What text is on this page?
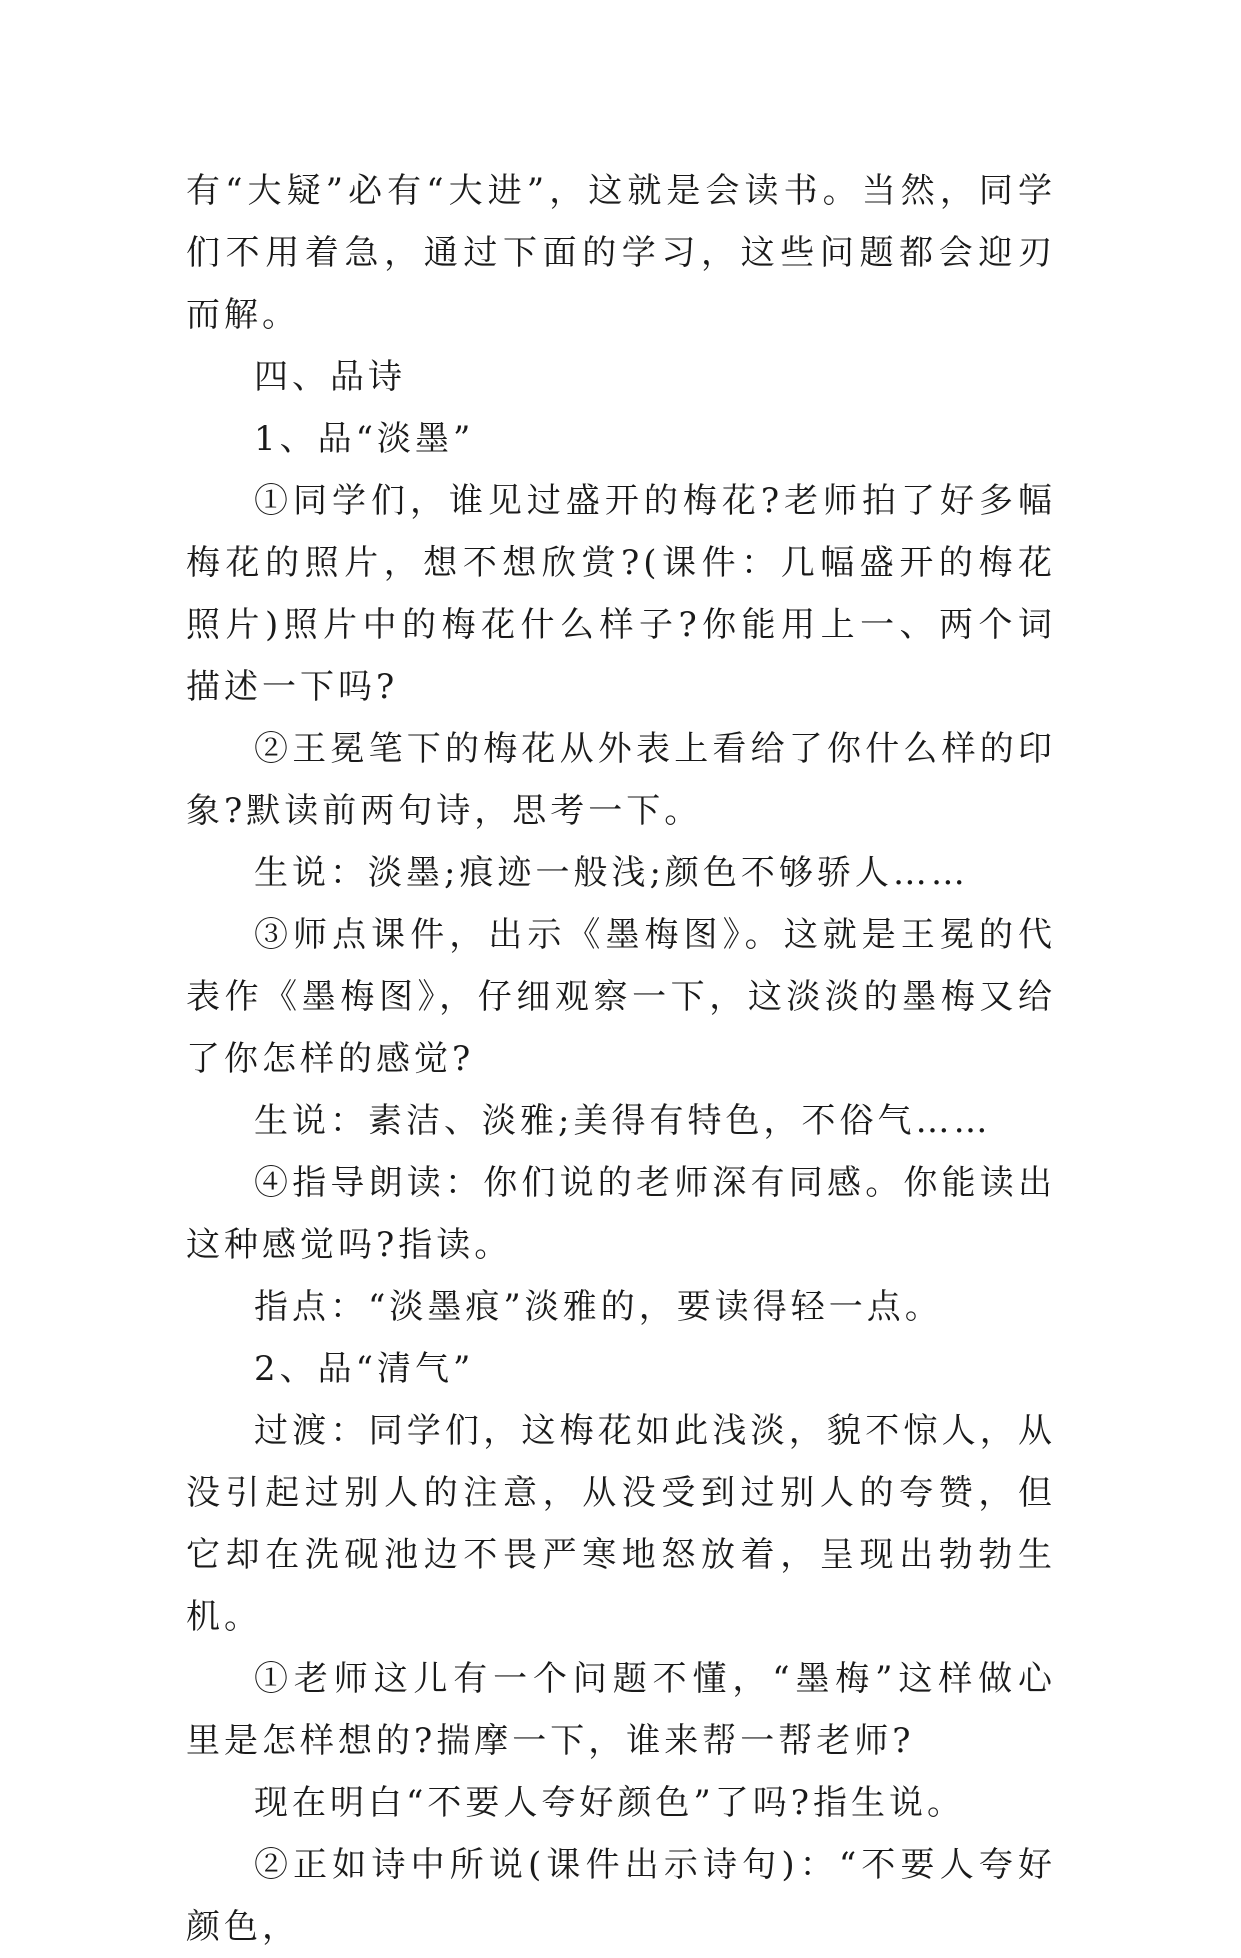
有“大疑”必有“大进”，这就是会读书。当然，同学们不用着急，通过下面的学习，这些问题都会迎刃而解。

四、品诗

1、品“淡墨”

①同学们，谁见过盛开的梅花?老师拍了好多幅梅花的照片，想不想欣赏?(课件：几幅盛开的梅花照片)照片中的梅花什么样子?你能用上一、两个词描述一下吗?

②王冕笔下的梅花从外表上看给了你什么样的印象?默读前两句诗，思考一下。

生说：淡墨;痕迹一般浅;颜色不够骄人……

③师点课件，出示《墨梅图》。这就是王冕的代表作《墨梅图》，仔细观察一下，这淡淡的墨梅又给了你怎样的感觉?

生说：素洁、淡雅;美得有特色，不俗气……

④指导朗读：你们说的老师深有同感。你能读出这种感觉吗?指读。

指点：“淡墨痕”淡雅的，要读得轻一点。

2、品“清气”

过渡：同学们，这梅花如此浅淡，貌不惊人，从没引起过别人的注意，从没受到过别人的夸赞，但它却在洗砚池边不畏严寒地怒放着，呈现出勃勃生机。

①老师这儿有一个问题不懂，“墨梅”这样做心里是怎样想的?揣摩一下，谁来帮一帮老师?

现在明白“不要人夸好颜色”了吗?指生说。

②正如诗中所说(课件出示诗句)：“不要人夸好颜色，
